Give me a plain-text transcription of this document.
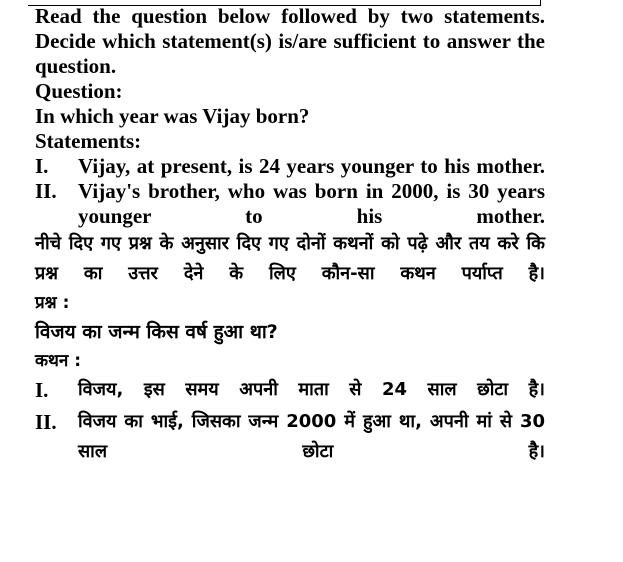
Read the question below followed by two statements. Decide which statement(s) is/are sufficient to answer the question.
Question:
In which year was Vijay born?
Statements:
I.	Vijay, at present, is 24 years younger to his mother.
II.	Vijay's brother, who was born in 2000, is 30 years younger to his mother.
नीचे दिए गए प्रश्न के अनुसार दिए गए दोनों कथनों को पढ़े और तय करे कि प्रश्न का उत्तर देने के लिए कौन-सा कथन पर्याप्त है।
प्रश्न :
विजय का जन्म किस वर्ष हुआ था?
कथन :
I.	विजय, इस समय अपनी माता से 24 साल छोटा है।
II.	विजय का भाई, जिसका जन्म 2000 में हुआ था, अपनी मां से 30 साल छोटा है।
